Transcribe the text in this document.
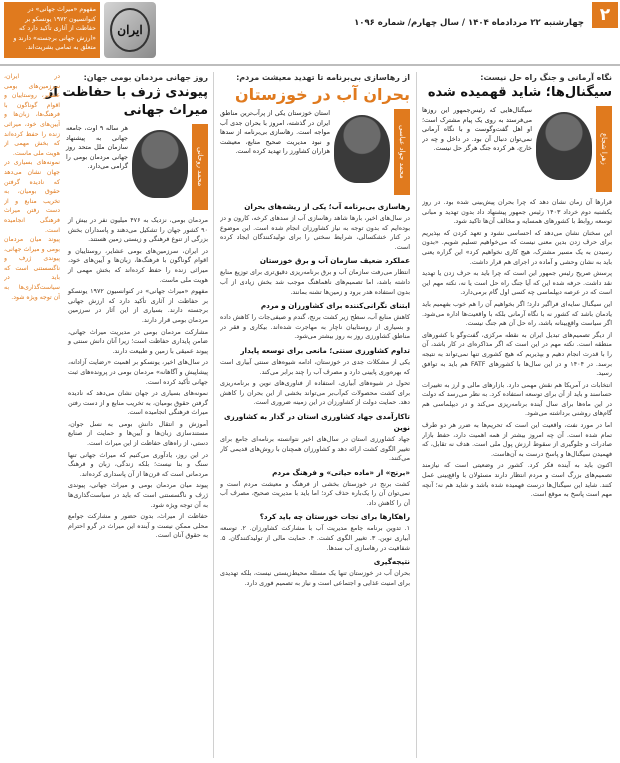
۲
چهارشنبه ۲۲ مرداد‌ماه ۱۴۰۴ / سال چهارم/ شماره ۱۰۹۶
ایران
مفهوم «میراث جهانی» در کنوانسیون ۱۹۷۲ یونسکو بر حفاظت از آثاری تأکید دارد که «ارزش جهانی برجسته» دارند و متعلق به تمامی بشریت‌اند.
نگاه آرمانی و جنگ راه حل نیست:
سیگنال‌ها؛ شاید قهمیده شده
زهرا شجاع
سیگنال‌هایی که رئیس‌جمهور این روزها می‌فرستد به روی یک پیام مشترک است؛ او اهل گفت‌وگوست و با نگاه آرمانی نمی‌توان دنبال آن بود. در داخل و چه در خارج، هر کرده جنگ هرگز حل نیست.

قرارها آن زمان نشان دهد که چرا بحران پیش‌بینی شده بود. در روز یکشنبه دوم خرداد ۱۴۰۳ رئیس جمهور پیشنهاد داد بدون تهدید و مبانی توسعه روابط با کشورهای همسایه و مخالف آن‌ها تاکید شود.

این سخنان نشان می‌دهد که احساسی نشود و تعهد کردن که بپذیریم برای حرف زدن بدین معنی نیست که می‌خواهیم تسلیم شویم. «بدون رسیدن به یک مسیر مشترک، هیچ کاری نخواهیم کرد» این گزاره یعنی باید به نشان وحشی و آماده در اجرای هم قرار داشت.

پرسش صریح رئیس جمهور این است که چرا باید به حرف زدن یا تهدید نقد داشت. حرفه شده این که آیا جنگ راه حل است یا نه، نکته مهم این است که در عرصه دیپلماسی چه کسی اول گام برمی‌دارد.

این سیگنال سایه‌ای فراگیر دارد؛ اگر بخواهیم آن را هم خوب بفهمیم باید یادمان باشد که کشور نه با نگاه آرمانی بلکه با واقعیت‌ها اداره می‌شود. اگر سیاست واقع‌بینانه باشد، راه حل آن هم جنگ نیست.

از دیگر تصمیم‌های تبدیل ایران به نقطه مرکزی، گفت‌وگو با کشورهای منطقه است. نکته مهم در این است که اگر مذاکره‌ای در کار باشد، آن را با قدرت انجام دهیم و بپذیریم که هیچ کشوری تنها نمی‌تواند به نتیجه برسد. در ۱۴۰۴ و در این سال‌ها با کشورهای FATF هم باید به توافق رسید.

انتخابات در آمریکا هم نقش مهمی دارد. بازارهای مالی و ارز به تغییرات حساسند و باید از آن برای توسعه استفاده کرد. به نظر می‌رسد که دولت در این ماه‌ها برای سال آینده برنامه‌ریزی می‌کند و در دیپلماسی هم گام‌های روشنی برداشته می‌شود.

اما در مورد نفت، واقعیت این است که تحریم‌ها به ضرر هر دو طرف تمام شده است. آن چه امروز بیشتر از همه اهمیت دارد، حفظ بازار صادرات و جلوگیری از سقوط ارزش پول ملی است. هدف نه تقابل، که فهمیدن سیگنال‌ها و پاسخ درست به آن‌هاست.

اکنون باید به آینده فکر کرد. کشور در وضعیتی است که نیازمند تصمیم‌های بزرگ است و مردم انتظار دارند مسئولان با واقع‌بینی عمل کنند. شاید این سیگنال‌ها درست فهمیده شده باشد و شاید هم نه؛ آنچه مهم است پاسخ به موقع است.

از رهاسازی بی‌برنامه تا تهدید معیشت مردم:
بحران آب در خوزستان
محمد جواد عباسی
استان خوزستان یکی از پرآب‌ترین مناطق ایران در گذشته، امروز با بحران جدی آب مواجه است. رهاسازی بی‌برنامه از سدها و نبود مدیریت صحیح منابع، معیشت هزاران کشاورز را تهدید کرده است.
رهاسازی بی‌برنامه آب؛ یکی از ریشه‌های بحران

در سال‌های اخیر، بارها شاهد رهاسازی آب از سدهای کرخه، کارون و دز بوده‌ایم که بدون توجه به نیاز کشاورزان انجام شده است. این موضوع در کنار خشکسالی، شرایط سختی را برای تولیدکنندگان ایجاد کرده است.

عملکرد ضعیف سازمان آب و برق خوزستان

انتظار می‌رفت سازمان آب و برق برنامه‌ریزی دقیق‌تری برای توزیع منابع داشته باشد، اما تصمیم‌های ناهماهنگ موجب شد بخش زیادی از آب بدون استفاده هدر برود و زمین‌ها تشنه بمانند.

ابتنای نگرانی‌کننده برای کشاورزان و مردم

کاهش منابع آب، سطح زیر کشت برنج، گندم و صیفی‌جات را کاهش داده و بسیاری از روستاییان ناچار به مهاجرت شده‌اند. بیکاری و فقر در مناطق کشاورزی روز به روز بیشتر می‌شود.

تداوم کشاورزی سنتی؛ مانعی برای توسعه پایدار

یکی از مشکلات جدی در خوزستان، ادامه شیوه‌های سنتی آبیاری است که بهره‌وری پایینی دارد و مصرف آب را چند برابر می‌کند.

تحول در شیوه‌های آبیاری، استفاده از فناوری‌های نوین و برنامه‌ریزی برای کشت محصولات کم‌آب‌بر می‌تواند بخشی از این بحران را کاهش دهد. حمایت دولت از کشاورزان در این زمینه ضروری است.

تاکارآمدی جهاد کشاورزی استان در گذار به کشاورزی نوین

جهاد کشاورزی استان در سال‌های اخیر نتوانسته برنامه‌ای جامع برای تغییر الگوی کشت ارائه دهد و کشاورزان همچنان با روش‌های قدیمی کار می‌کنند.

«برنج» از «ماده حیاتی» و فرهنگ مردم

کشت برنج در خوزستان بخشی از فرهنگ و معیشت مردم است و نمی‌توان آن را یک‌باره حذف کرد؛ اما باید با مدیریت صحیح، مصرف آب آن را کاهش داد.

راهکارها برای نجات خوزستان چه باید کرد؟

۱. تدوین برنامه جامع مدیریت آب با مشارکت کشاورزان. ۲. توسعه آبیاری نوین. ۳. تغییر الگوی کشت. ۴. حمایت مالی از تولیدکنندگان. ۵. شفافیت در رهاسازی آب سدها.

نتیجه‌گیری

بحران آب در خوزستان تنها یک مسئله محیط‌زیستی نیست، بلکه تهدیدی برای امنیت غذایی و اجتماعی است و نیاز به تصمیم فوری دارد.

روز جهانی مردمان بومی جهان:
پیوندی ژرف با حفاظت از میراث جهانی
محمد روحانی
هر ساله ۹ اوت، جامعه جهانی به پیشنهاد سازمان ملل متحد روز جهانی مردمان بومی را گرامی می‌دارد.

مردمان بومی، نزدیک به ۴۷۶ میلیون نفر در بیش از ۹۰ کشور جهان را تشکیل می‌دهند و پاسداران بخش بزرگی از تنوع فرهنگی و زیستی زمین هستند.

در ایران، سرزمین‌های بومی عشایر، روستاییان و اقوام گوناگون با فرهنگ‌ها، زبان‌ها و آیین‌های خود، میراثی زنده را حفظ کرده‌اند که بخش مهمی از هویت ملی ماست.

مفهوم «میراث جهانی» در کنوانسیون ۱۹۷۲ یونسکو بر حفاظت از آثاری تأکید دارد که ارزش جهانی برجسته دارند. بسیاری از این آثار در سرزمین مردمان بومی قرار دارند.

مشارکت مردمان بومی در مدیریت میراث جهانی، ضامن پایداری حفاظت است؛ زیرا آنان دانش سنتی و پیوند عمیقی با زمین و طبیعت دارند.

در سال‌های اخیر، یونسکو بر اهمیت «رضایت آزادانه، پیشاپیش و آگاهانه» مردمان بومی در پرونده‌های ثبت جهانی تأکید کرده است.

نمونه‌های بسیاری در جهان نشان می‌دهد که نادیده گرفتن حقوق بومیان، به تخریب منابع و از دست رفتن میراث فرهنگی انجامیده است.

آموزش و انتقال دانش بومی به نسل جوان، مستندسازی زبان‌ها و آیین‌ها و حمایت از صنایع دستی، از راه‌های حفاظت از این میراث است.

در این روز، یادآوری می‌کنیم که میراث جهانی تنها سنگ و بنا نیست؛ بلکه زندگی، زبان و فرهنگ مردمانی است که قرن‌ها از آن پاسداری کرده‌اند.

پیوند میان مردمان بومی و میراث جهانی، پیوندی ژرف و ناگسستنی است که باید در سیاست‌گذاری‌ها به آن توجه ویژه شود.

حفاظت از میراث، بدون حضور و مشارکت جوامع محلی ممکن نیست و آینده این میراث در گرو احترام به حقوق آنان است.

در ایران، سرزمین‌های بومی عشایر، روستاییان و اقوام گوناگون با فرهنگ‌ها، زبان‌ها و آیین‌های خود، میراثی زنده را حفظ کرده‌اند که بخش مهمی از هویت ملی ماست.

نمونه‌های بسیاری در جهان نشان می‌دهد که نادیده گرفتن حقوق بومیان، به تخریب منابع و از دست رفتن میراث فرهنگی انجامیده است.

پیوند میان مردمان بومی و میراث جهانی، پیوندی ژرف و ناگسستنی است که باید در سیاست‌گذاری‌ها به آن توجه ویژه شود.
